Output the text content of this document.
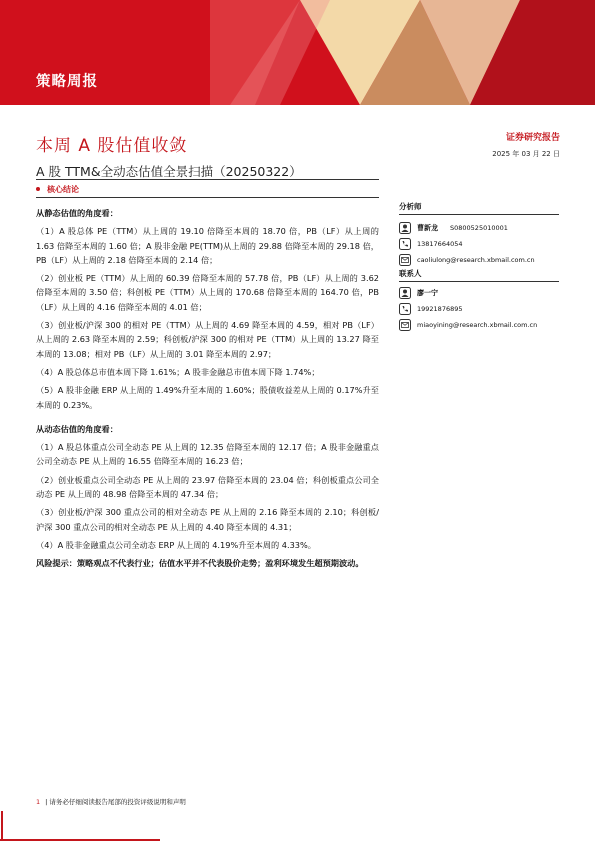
策略周报
本周 A 股估值收敛
A 股 TTM&全动态估值全景扫描（20250322）
证券研究报告
2025 年 03 月 22 日
核心结论

从静态估值的角度看：

（1）A 股总体 PE（TTM）从上周的 19.10 倍降至本周的 18.70 倍，PB（LF）从上周的 1.63 倍降至本周的 1.60 倍；A 股非金融 PE(TTM)从上周的 29.88 倍降至本周的 29.18 倍，PB（LF）从上周的 2.18 倍降至本周的 2.14 倍；

（2）创业板 PE（TTM）从上周的 60.39 倍降至本周的 57.78 倍，PB（LF）从上周的 3.62 倍降至本周的 3.50 倍；科创板 PE（TTM）从上周的 170.68 倍降至本周的 164.70 倍，PB（LF）从上周的 4.16 倍降至本周的 4.01 倍；

（3）创业板/沪深 300 的相对 PE（TTM）从上周的 4.69 降至本周的 4.59，相对 PB（LF）从上周的 2.63 降至本周的 2.59；科创板/沪深 300 的相对 PE（TTM）从上周的 13.27 降至本周的 13.08；相对 PB（LF）从上周的 3.01 降至本周的 2.97；

（4）A 股总体总市值本周下降 1.61%；A 股非金融总市值本周下降 1.74%；

（5）A 股非金融 ERP 从上周的 1.49%升至本周的 1.60%；股债收益差从上周的 0.17%升至本周的 0.23%。

从动态估值的角度看：

（1）A 股总体重点公司全动态 PE 从上周的 12.35 倍降至本周的 12.17 倍；A 股非金融重点公司全动态 PE 从上周的 16.55 倍降至本周的 16.23 倍；

（2）创业板重点公司全动态 PE 从上周的 23.97 倍降至本周的 23.04 倍；科创板重点公司全动态 PE 从上周的 48.98 倍降至本周的 47.34 倍；

（3）创业板/沪深 300 重点公司的相对全动态 PE 从上周的 2.16 降至本周的 2.10；科创板/沪深 300 重点公司的相对全动态 PE 从上周的 4.40 降至本周的 4.31；

（4）A 股非金融重点公司全动态 ERP 从上周的 4.19%升至本周的 4.33%。

风险提示：策略观点不代表行业；估值水平并不代表股价走势；盈利环境发生超预期波动。

分析师
曹新龙 S0800525010001
13817664054
caoliulong@research.xbmail.com.cn
联系人
廖一宁
19921876895
miaoyining@research.xbmail.com.cn
1 | 请务必仔细阅读报告尾部的投资评级说明和声明
